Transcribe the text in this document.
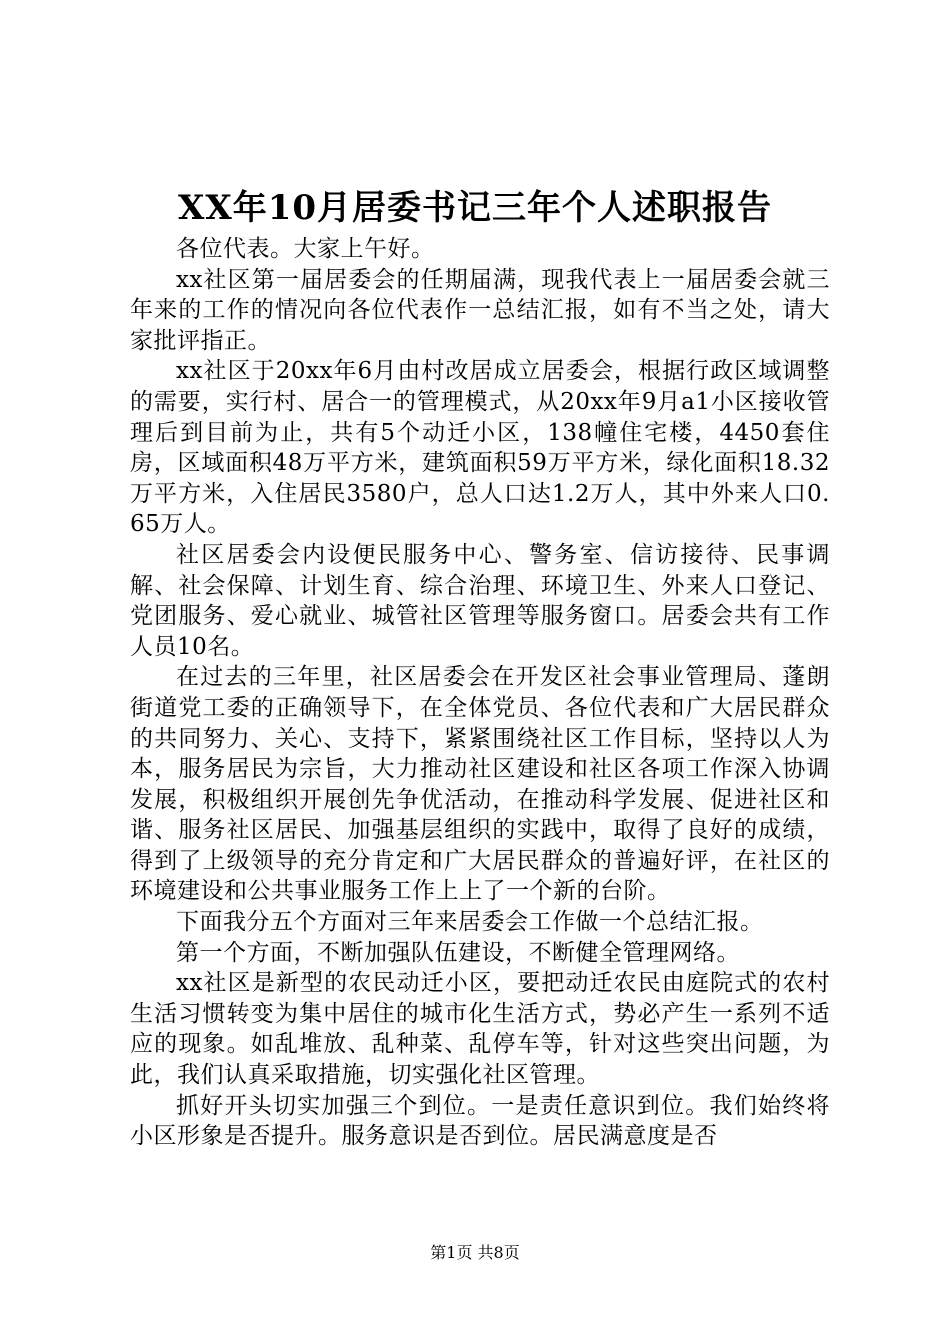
XX年10月居委书记三年个人述职报告

各位代表。大家上午好。

xx社区第一届居委会的任期届满，现我代表上一届居委会就三年来的工作的情况向各位代表作一总结汇报，如有不当之处，请大家批评指正。

xx社区于20xx年6月由村改居成立居委会，根据行政区域调整的需要，实行村、居合一的管理模式，从20xx年9月a1小区接收管理后到目前为止，共有5个动迁小区，138幢住宅楼，4450套住房，区域面积48万平方米，建筑面积59万平方米，绿化面积18.32万平方米，入住居民3580户，总人口达1.2万人，其中外来人口0.65万人。

社区居委会内设便民服务中心、警务室、信访接待、民事调解、社会保障、计划生育、综合治理、环境卫生、外来人口登记、党团服务、爱心就业、城管社区管理等服务窗口。居委会共有工作人员10名。

在过去的三年里，社区居委会在开发区社会事业管理局、蓬朗街道党工委的正确领导下，在全体党员、各位代表和广大居民群众的共同努力、关心、支持下，紧紧围绕社区工作目标，坚持以人为本，服务居民为宗旨，大力推动社区建设和社区各项工作深入协调发展，积极组织开展创先争优活动，在推动科学发展、促进社区和谐、服务社区居民、加强基层组织的实践中，取得了良好的成绩，得到了上级领导的充分肯定和广大居民群众的普遍好评，在社区的环境建设和公共事业服务工作上上了一个新的台阶。

下面我分五个方面对三年来居委会工作做一个总结汇报。

第一个方面，不断加强队伍建设，不断健全管理网络。

xx社区是新型的农民动迁小区，要把动迁农民由庭院式的农村生活习惯转变为集中居住的城市化生活方式，势必产生一系列不适应的现象。如乱堆放、乱种菜、乱停车等，针对这些突出问题，为此，我们认真采取措施，切实强化社区管理。

抓好开头切实加强三个到位。一是责任意识到位。我们始终将小区形象是否提升。服务意识是否到位。居民满意度是否

第1页 共8页
